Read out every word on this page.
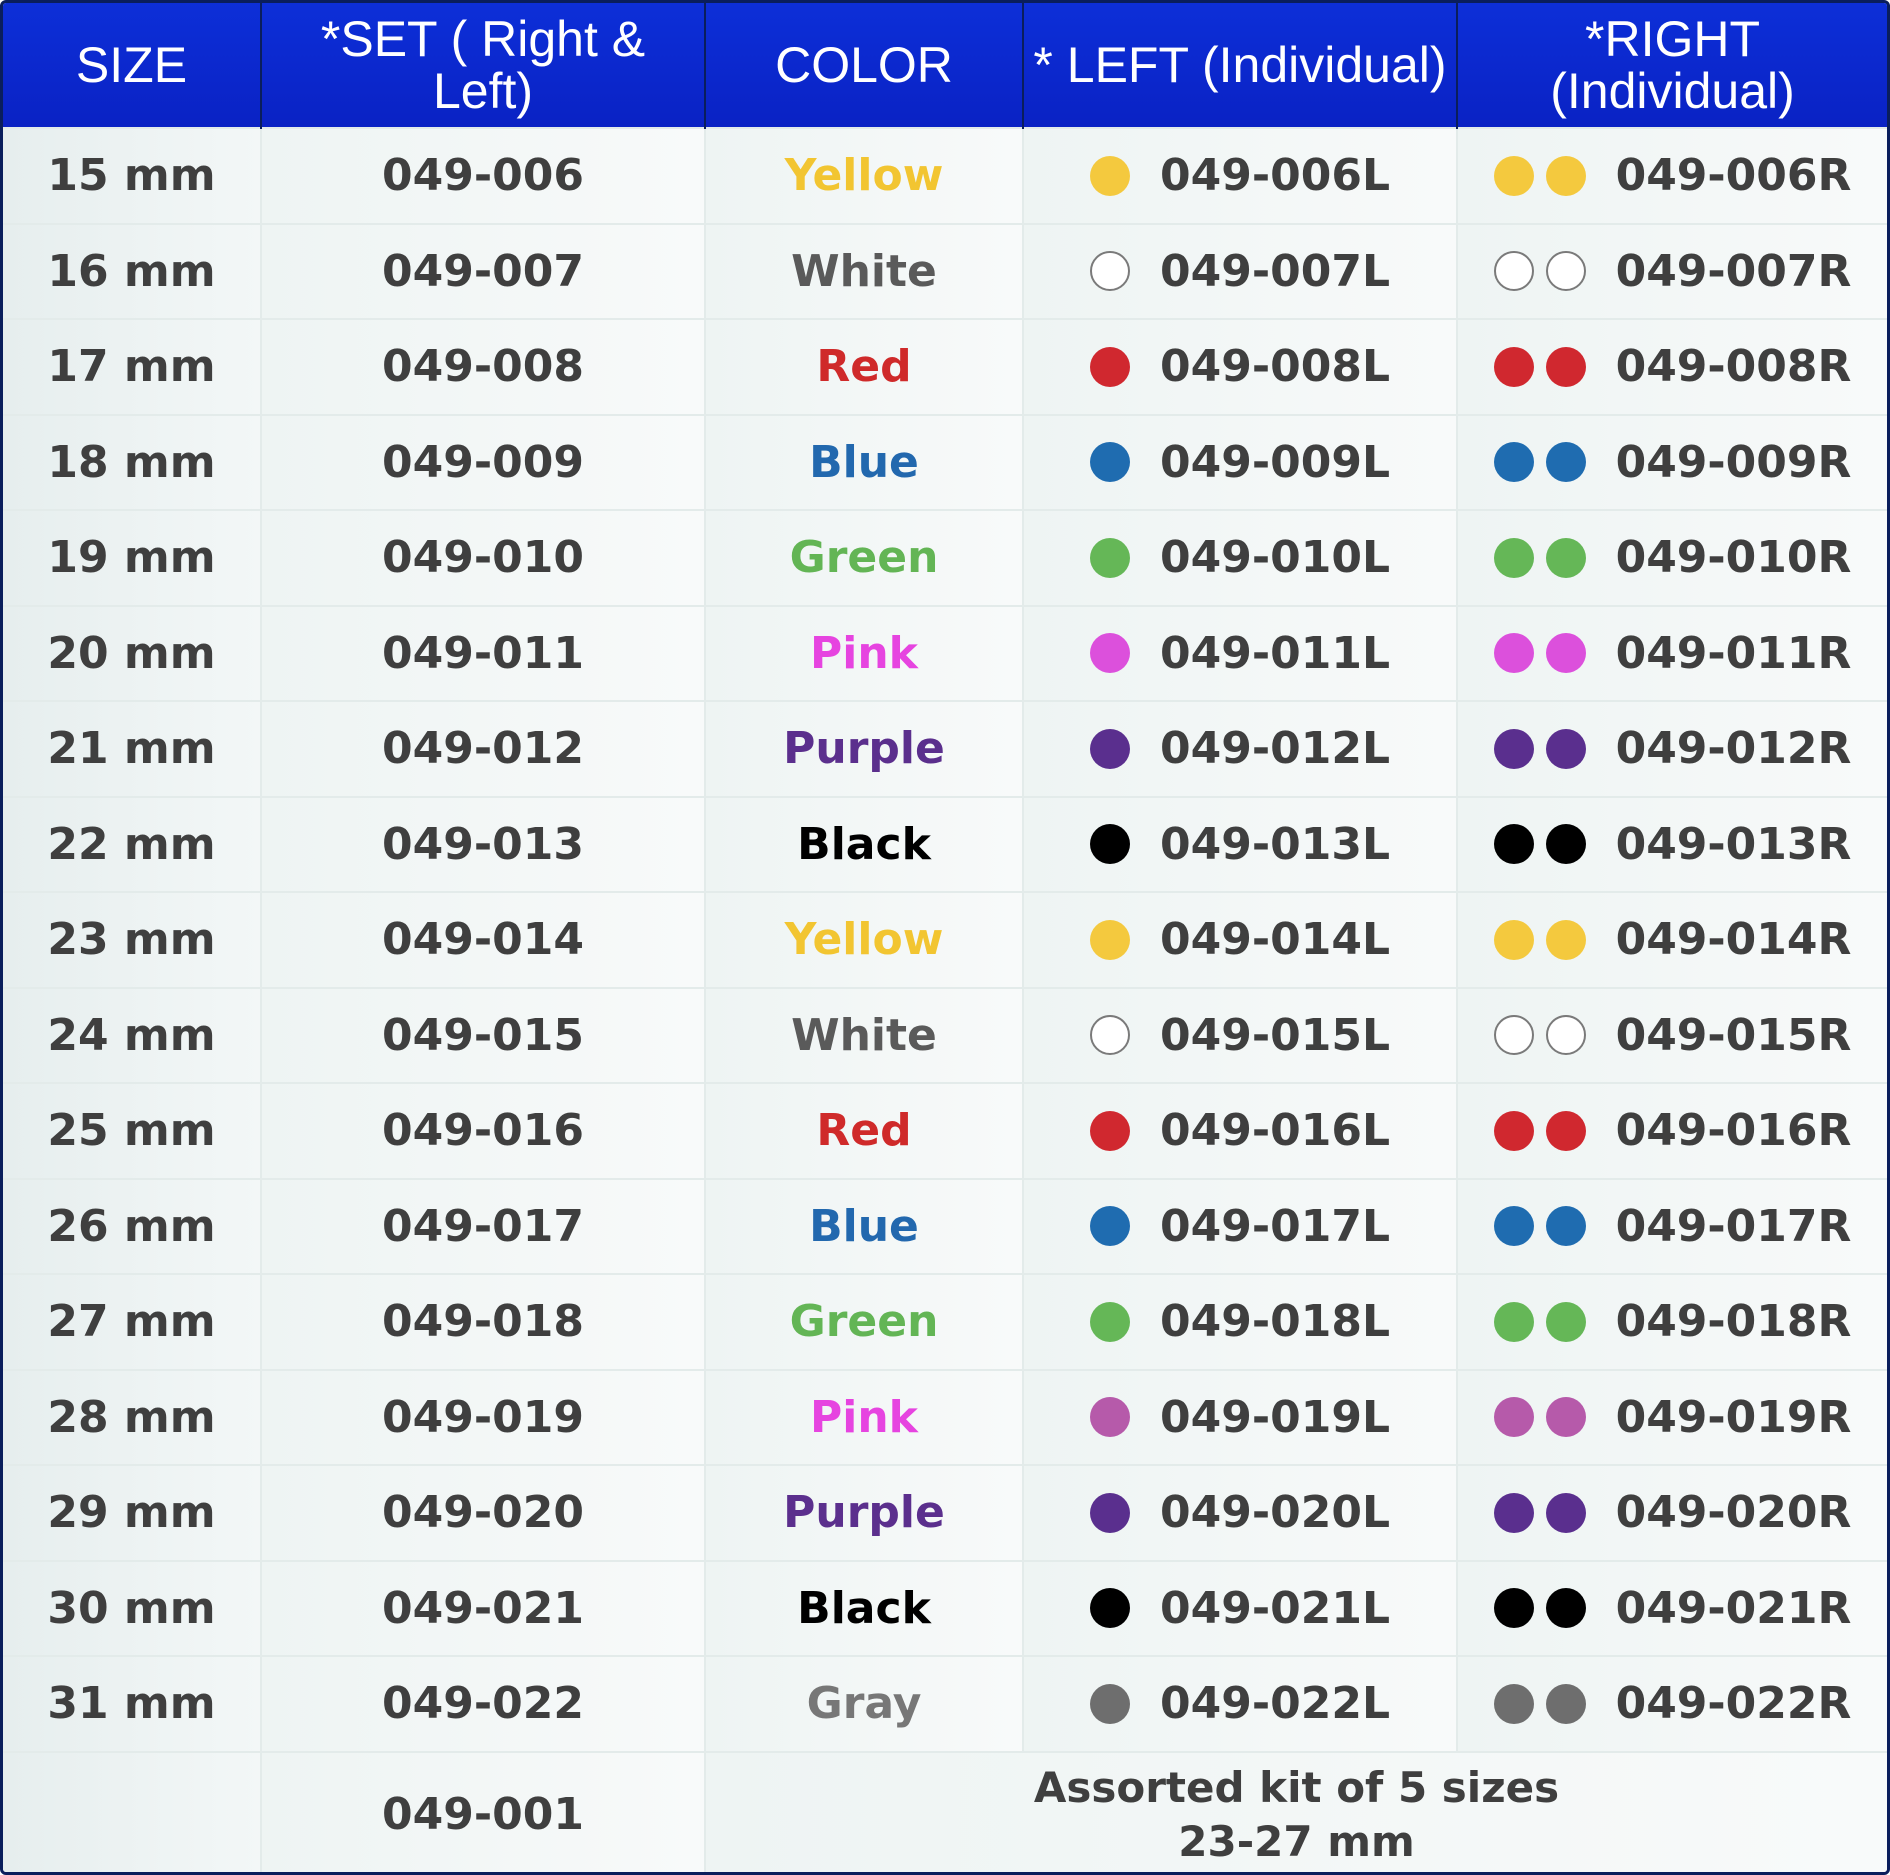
SIZE	*SET ( Right & Left)	COLOR	* LEFT (Individual)	*RIGHT (Individual)
15 mm	049-006	Yellow	049-006L	049-006R

16 mm	049-007	White	049-007L	049-007R

17 mm	049-008	Red	049-008L	049-008R

18 mm	049-009	Blue	049-009L	049-009R

19 mm	049-010	Green	049-010L	049-010R

20 mm	049-011	Pink	049-011L	049-011R

21 mm	049-012	Purple	049-012L	049-012R

22 mm	049-013	Black	049-013L	049-013R

23 mm	049-014	Yellow	049-014L	049-014R

24 mm	049-015	White	049-015L	049-015R

25 mm	049-016	Red	049-016L	049-016R

26 mm	049-017	Blue	049-017L	049-017R

27 mm	049-018	Green	049-018L	049-018R

28 mm	049-019	Pink	049-019L	049-019R

29 mm	049-020	Purple	049-020L	049-020R

30 mm	049-021	Black	049-021L	049-021R

31 mm	049-022	Gray	049-022L	049-022R

	049-001	Assorted kit of 5 sizes
23-27 mm		
